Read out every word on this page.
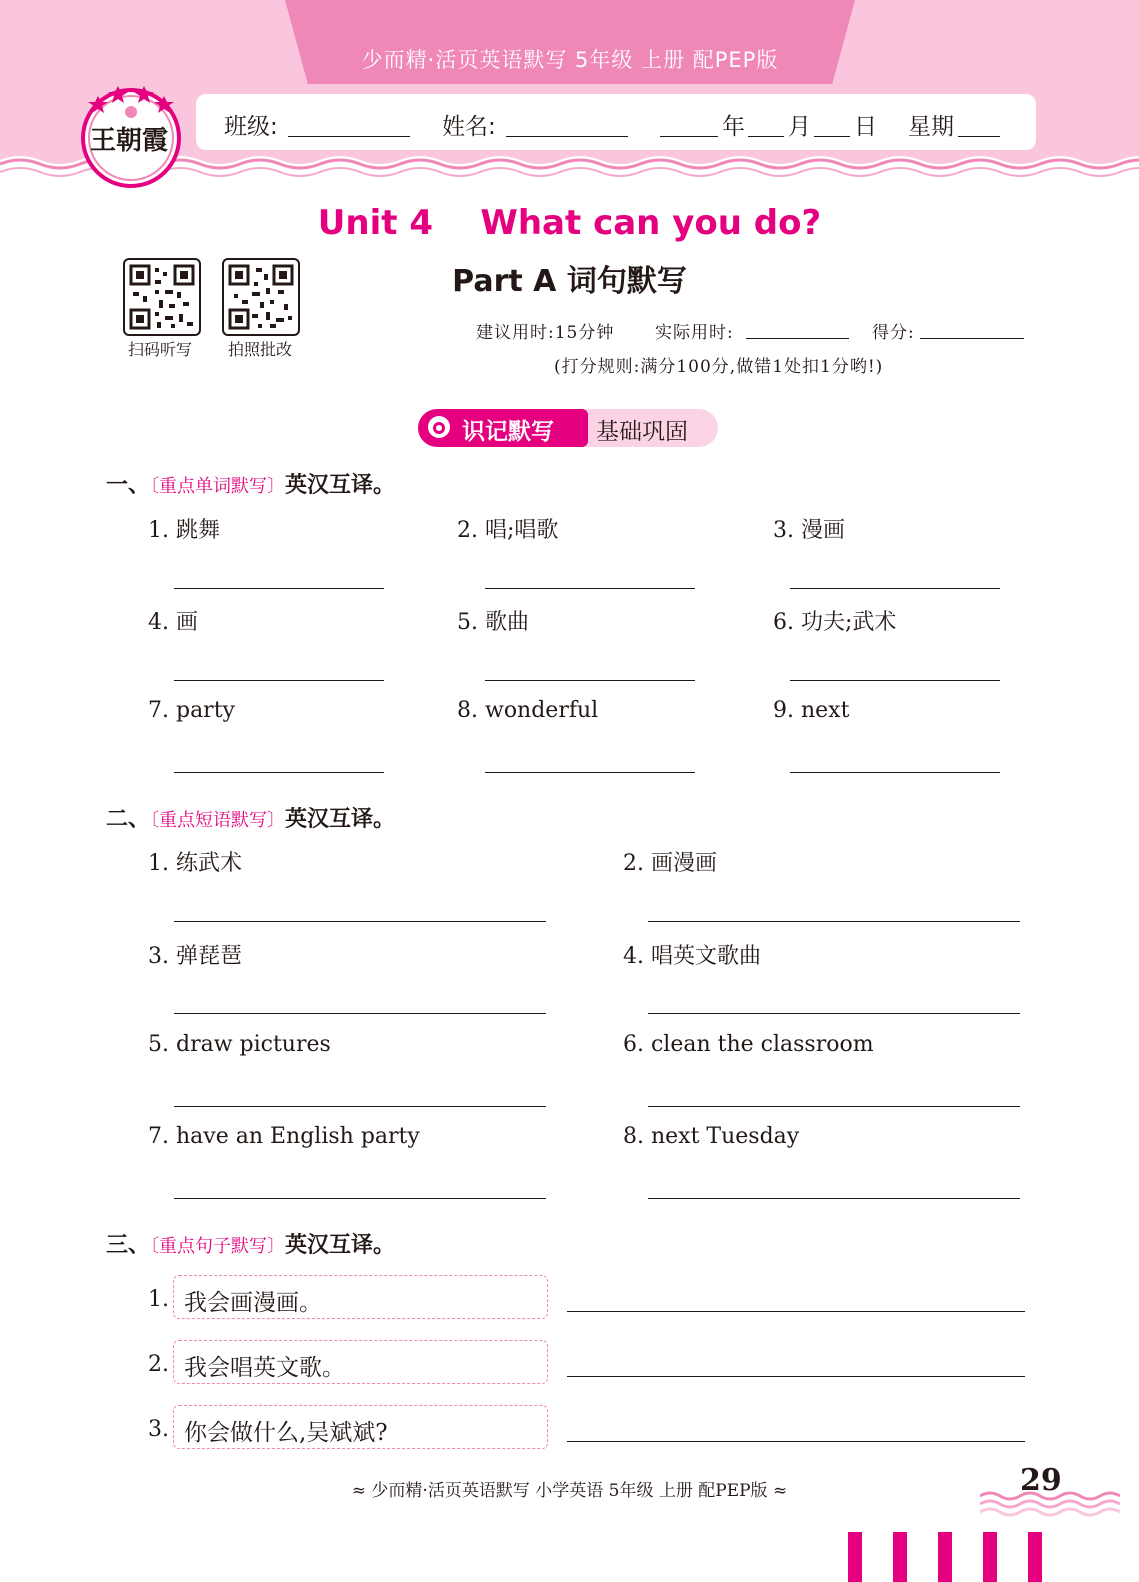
少而精·活页英语默写 5年级 上册 配PEP版
班级:	姓名:	年 月 日 星期
王朝霞
Unit 4 What can you do?
Part A 词句默写
扫码听写	拍照批改
建议用时:15分钟 实际用时:	得分:
(打分规则:满分100分,做错1处扣1分哟!)
识记默写 基础巩固
一、〔重点单词默写〕英汉互译。
1. 跳舞	2. 唱;唱歌	3. 漫画
4. 画	5. 歌曲	6. 功夫;武术
7. party	8. wonderful	9. next
二、〔重点短语默写〕英汉互译。
1. 练武术	2. 画漫画
3. 弹琵琶	4. 唱英文歌曲
5. draw pictures	6. clean the classroom
7. have an English party	8. next Tuesday
三、〔重点句子默写〕英汉互译。
1. 我会画漫画。
2. 我会唱英文歌。
3. 你会做什么,吴斌斌?
≈ 少而精·活页英语默写 小学英语 5年级 上册 配PEP版 ≈	29
